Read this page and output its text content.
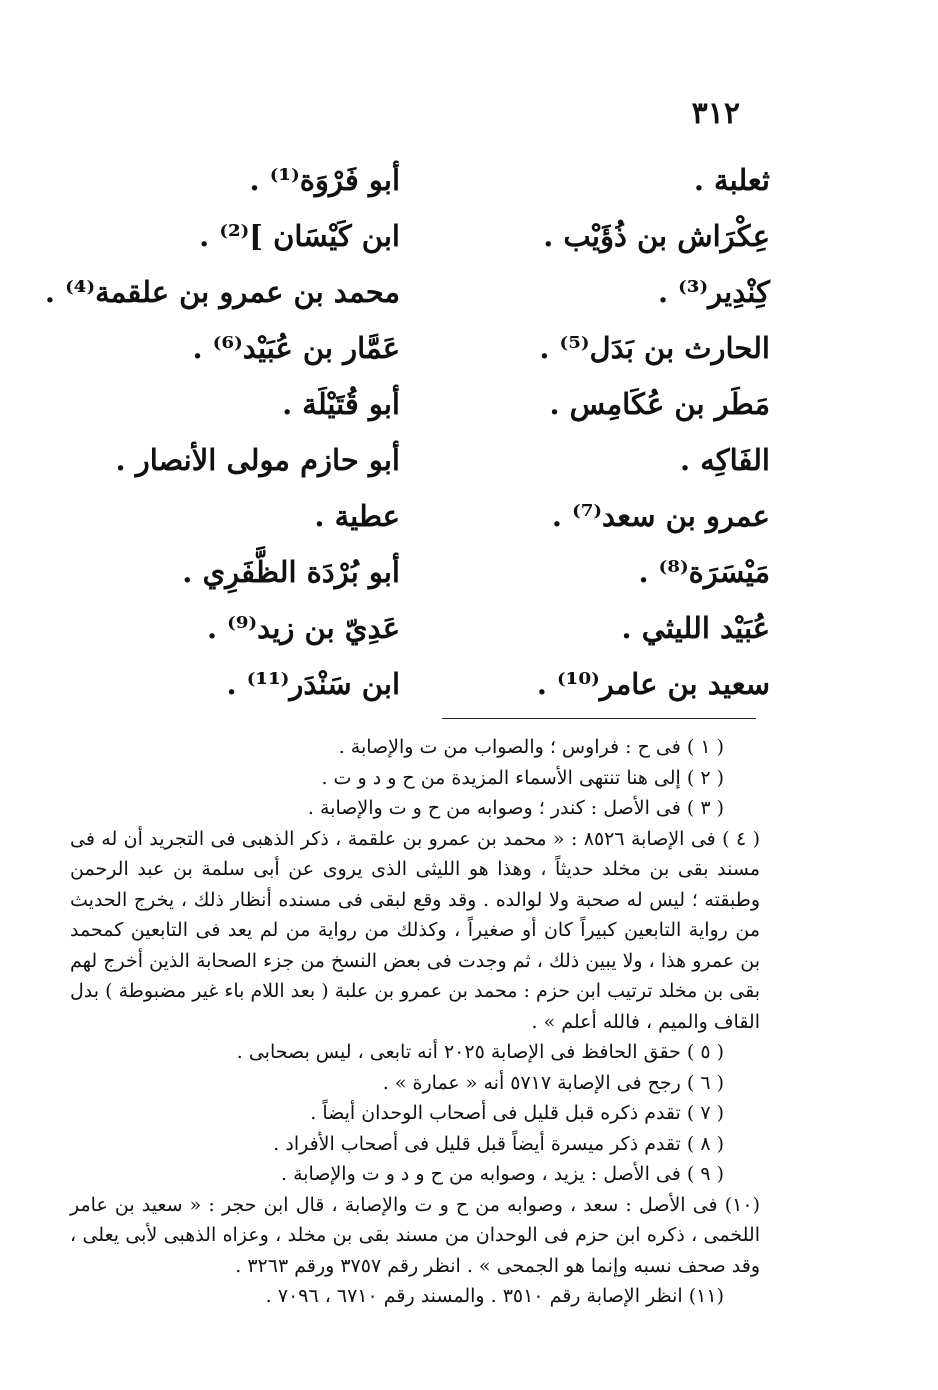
٣١٢
ثعلبة .
أبو فَرْوَة⁽¹⁾ .
عِكْرَاش بن ذُؤَيْب .
ابن كَيْسَان ]⁽²⁾ .
كِنْدِير⁽³⁾ .
محمد بن عمرو بن علقمة⁽⁴⁾ .
الحارث بن بَدَل⁽⁵⁾ .
عَمَّار بن عُبَيْد⁽⁶⁾ .
مَطَر بن عُكَامِس .
أبو قُتَيْلَة .
الفَاكِه .
أبو حازم مولى الأنصار .
عمرو بن سعد⁽⁷⁾ .
عطية .
مَيْسَرَة⁽⁸⁾ .
أبو بُرْدَة الظَّفَرِي .
عُبَيْد الليثي .
عَدِيّ بن زيد⁽⁹⁾ .
سعيد بن عامر⁽¹⁰⁾ .
ابن سَنْدَر⁽¹¹⁾ .

( ١ ) فى ح : فراوس ؛ والصواب من ت والإصابة .

( ٢ ) إلى هنا تنتهى الأسماء المزيدة من ح و د و ت .

( ٣ ) فى الأصل : كندر ؛ وصوابه من ح و ت والإصابة .

( ٤ ) فى الإصابة ٨٥٢٦ : « محمد بن عمرو بن علقمة ، ذكر الذهبى فى التجريد أن له فى مسند بقى بن مخلد حديثاً ، وهذا هو الليثى الذى يروى عن أبى سلمة بن عبد الرحمن وطبقته ؛ ليس له صحبة ولا لوالده . وقد وقع لبقى فى مسنده أنظار ذلك ، يخرج الحديث من رواية التابعين كبيراً كان أو صغيراً ، وكذلك من رواية من لم يعد فى التابعين كمحمد بن عمرو هذا ، ولا يبين ذلك ، ثم وجدت فى بعض النسخ من جزء الصحابة الذين أخرج لهم بقى بن مخلد ترتيب ابن حزم : محمد بن عمرو بن علبة ( بعد اللام باء غير مضبوطة ) بدل القاف والميم ، فالله أعلم » .

( ٥ ) حقق الحافظ فى الإصابة ٢٠٢٥ أنه تابعى ، ليس بصحابى .

( ٦ ) رجح فى الإصابة ٥٧١٧ أنه « عمارة » .

( ٧ ) تقدم ذكره قبل قليل فى أصحاب الوحدان أيضاً .

( ٨ ) تقدم ذكر ميسرة أيضاً قبل قليل فى أصحاب الأفراد .

( ٩ ) فى الأصل : يزيد ، وصوابه من ح و د و ت والإصابة .

(١٠) فى الأصل : سعد ، وصوابه من ح و ت والإصابة ، قال ابن حجر : « سعيد بن عامر اللخمى ، ذكره ابن حزم فى الوحدان من مسند بقى بن مخلد ، وعزاه الذهبى لأبى يعلى ، وقد صحف نسبه وإنما هو الجمحى » . انظر رقم ٣٧٥٧ ورقم ٣٢٦٣ .

(١١) انظر الإصابة رقم ٣٥١٠ . والمسند رقم ٦٧١٠ ، ٧٠٩٦ .
